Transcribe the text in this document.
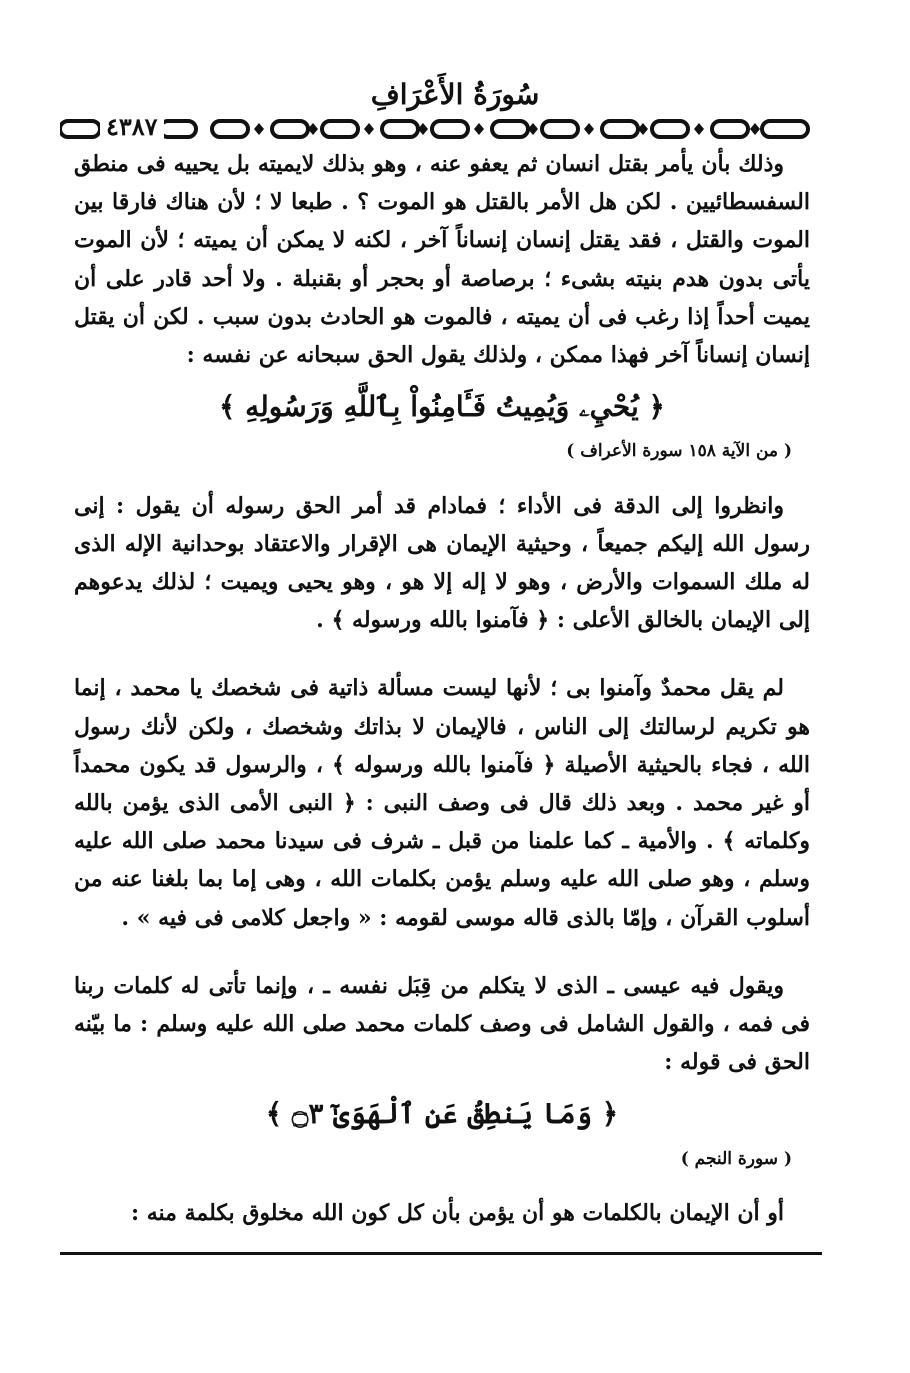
سُورَةُ الأَعْرَافِ
٤٣٨٧

وذلك بأن يأمر بقتل انسان ثم يعفو عنه ، وهو بذلك لايميته بل يحييه فى منطق السفسطائيين . لكن هل الأمر بالقتل هو الموت ؟ . طبعا لا ؛ لأن هناك فارقا بين الموت والقتل ، فقد يقتل إنسان إنساناً آخر ، لكنه لا يمكن أن يميته ؛ لأن الموت يأتى بدون هدم بنيته بشىء ؛ برصاصة أو بحجر أو بقنبلة . ولا أحد قادر على أن يميت أحداً إذا رغب فى أن يميته ، فالموت هو الحادث بدون سبب . لكن أن يقتل إنسان إنساناً آخر فهذا ممكن ، ولذلك يقول الحق سبحانه عن نفسه :

﴿ يُحْيِۦ وَيُمِيتُ فَـَٔامِنُواْ بِٱللَّهِ وَرَسُولِهِ ﴾
( من الآية ١٥٨ سورة الأعراف )

وانظروا إلى الدقة فى الأداء ؛ فمادام قد أمر الحق رسوله أن يقول : إنى رسول الله إليكم جميعاً ، وحيثية الإيمان هى الإقرار والاعتقاد بوحدانية الإله الذى له ملك السموات والأرض ، وهو لا إله إلا هو ، وهو يحيى ويميت ؛ لذلك يدعوهم إلى الإيمان بالخالق الأعلى : ﴿ فآمنوا بالله ورسوله ﴾ .

لم يقل محمدٌ وآمنوا بى ؛ لأنها ليست مسألة ذاتية فى شخصك يا محمد ، إنما هو تكريم لرسالتك إلى الناس ، فالإيمان لا بذاتك وشخصك ، ولكن لأنك رسول الله ، فجاء بالحيثية الأصيلة ﴿ فآمنوا بالله ورسوله ﴾ ، والرسول قد يكون محمداً أو غير محمد . وبعد ذلك قال فى وصف النبى : ﴿ النبى الأمى الذى يؤمن بالله وكلماته ﴾ . والأمية ـ كما علمنا من قبل ـ شرف فى سيدنا محمد صلى الله عليه وسلم ، وهو صلى الله عليه وسلم يؤمن بكلمات الله ، وهى إما بما بلغنا عنه من أسلوب القرآن ، وإمّا بالذى قاله موسى لقومه : « واجعل كلامى فى فيه » .

ويقول فيه عيسى ـ الذى لا يتكلم من قِبَل نفسه ـ ، وإنما تأتى له كلمات ربنا فى فمه ، والقول الشامل فى وصف كلمات محمد صلى الله عليه وسلم : ما بيّنه الحق فى قوله :

﴿ وَمَا يَنطِقُ عَنِ ٱلْهَوَىٰٓ ۝٣ ﴾
( سورة النجم )

أو أن الإيمان بالكلمات هو أن يؤمن بأن كل كون الله مخلوق بكلمة منه :
